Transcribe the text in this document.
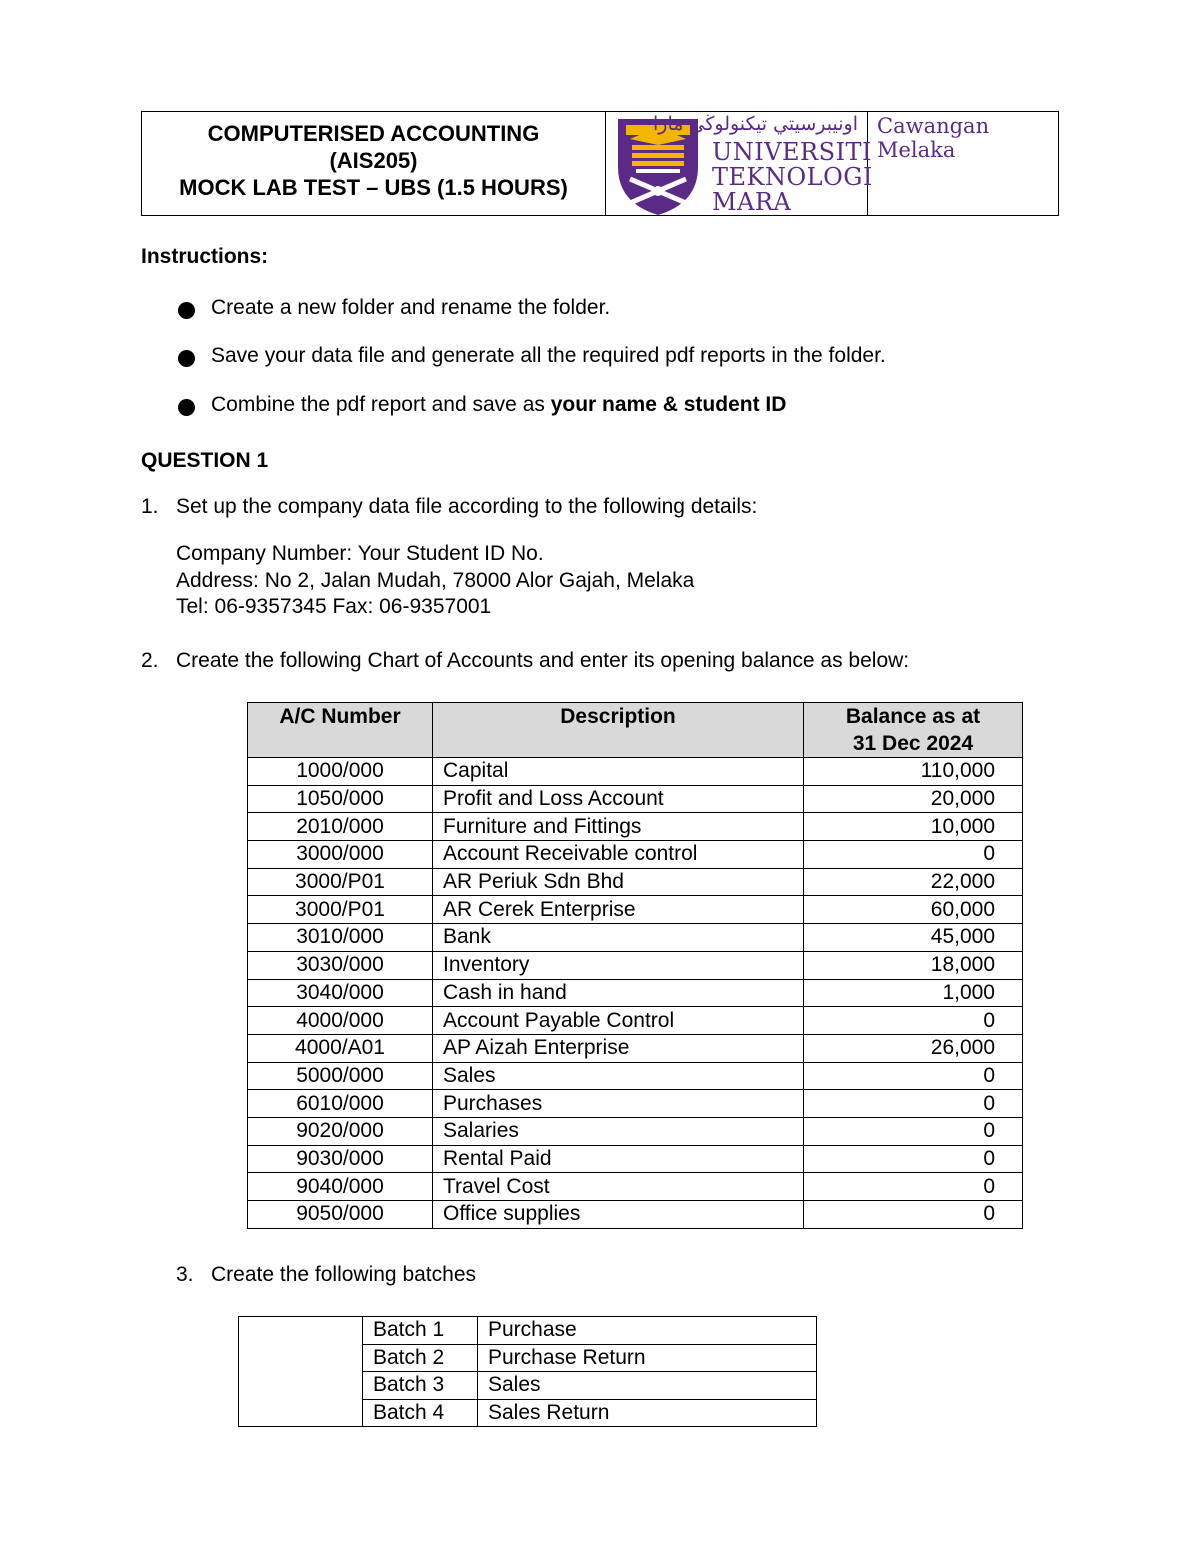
COMPUTERISED ACCOUNTING
(AIS205)
MOCK LAB TEST – UBS (1.5 HOURS)
اونيبرسيتي تيكنولوڬي مارا
UNIVERSITI
TEKNOLOGI
MARA
Cawangan Melaka
Instructions:
Create a new folder and rename the folder.
Save your data file and generate all the required pdf reports in the folder.
Combine the pdf report and save as your name & student ID
QUESTION 1
1. Set up the company data file according to the following details:
Company Number: Your Student ID No.
Address: No 2, Jalan Mudah, 78000 Alor Gajah, Melaka
Tel: 06-9357345 Fax: 06-9357001
2. Create the following Chart of Accounts and enter its opening balance as below:
A/C Number	Description	Balance as at
31 Dec 2024
1000/000	Capital	110,000
1050/000	Profit and Loss Account	20,000
2010/000	Furniture and Fittings	10,000
3000/000	Account Receivable control	0
3000/P01	AR Periuk Sdn Bhd	22,000
3000/P01	AR Cerek Enterprise	60,000
3010/000	Bank	45,000
3030/000	Inventory	18,000
3040/000	Cash in hand	1,000
4000/000	Account Payable Control	0
4000/A01	AP Aizah Enterprise	26,000
5000/000	Sales	0
6010/000	Purchases	0
9020/000	Salaries	0
9030/000	Rental Paid	0
9040/000	Travel Cost	0
9050/000	Office supplies	0
3. Create the following batches
	Batch 1	Purchase
	Batch 2	Purchase Return
	Batch 3	Sales
	Batch 4	Sales Return
